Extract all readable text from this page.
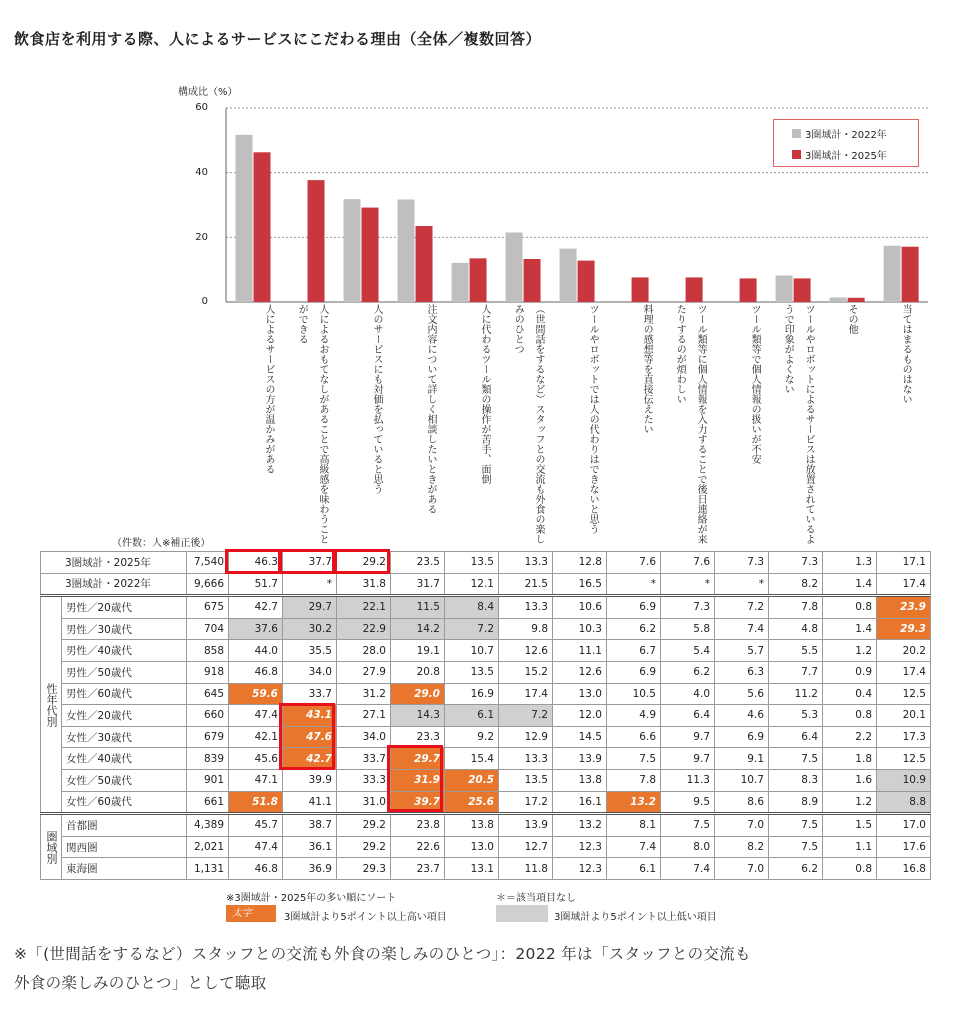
飲食店を利用する際、人によるサービスにこだわる理由（全体／複数回答）
構成比（%）
60
40
20
0
3圏域計・2022年
3圏域計・2025年
人によるサービスの方が温かみがある	人によるおもてなしがあることで高級感を味わうことができる	人のサービスにも対価を払っていると思う	注文内容について詳しく相談したいときがある	人に代わるツール類の操作が苦手、面倒	（世間話をするなど）スタッフとの交流も外食の楽しみのひとつ	ツールやロボットでは人の代わりはできないと思う	料理の感想等を直接伝えたい	ツール類等に個人情報を入力することで後日連絡が来たりするのが煩わしい	ツール類等で個人情報の扱いが不安	ツールやロボットによるサービスは放置されているようで印象がよくない	その他	当てはまるものはない
（件数：人※補正後）
3圏域計・2025年		7,540	46.3	37.7	29.2	23.5	13.5	13.3	12.8	7.6	7.6	7.3	7.3	1.3	17.1
3圏域計・2022年		9,666	51.7	*	31.8	31.7	12.1	21.5	16.5	*	*	*	8.2	1.4	17.4
性年代別	男性／20歳代	675	42.7	29.7	22.1	11.5	8.4	13.3	10.6	6.9	7.3	7.2	7.8	0.8	23.9
	男性／30歳代	704	37.6	30.2	22.9	14.2	7.2	9.8	10.3	6.2	5.8	7.4	4.8	1.4	29.3
	男性／40歳代	858	44.0	35.5	28.0	19.1	10.7	12.6	11.1	6.7	5.4	5.7	5.5	1.2	20.2
	男性／50歳代	918	46.8	34.0	27.9	20.8	13.5	15.2	12.6	6.9	6.2	6.3	7.7	0.9	17.4
	男性／60歳代	645	59.6	33.7	31.2	29.0	16.9	17.4	13.0	10.5	4.0	5.6	11.2	0.4	12.5
	女性／20歳代	660	47.4	43.1	27.1	14.3	6.1	7.2	12.0	4.9	6.4	4.6	5.3	0.8	20.1
	女性／30歳代	679	42.1	47.6	34.0	23.3	9.2	12.9	14.5	6.6	9.7	6.9	6.4	2.2	17.3
	女性／40歳代	839	45.6	42.7	33.7	29.7	15.4	13.3	13.9	7.5	9.7	9.1	7.5	1.8	12.5
	女性／50歳代	901	47.1	39.9	33.3	31.9	20.5	13.5	13.8	7.8	11.3	10.7	8.3	1.6	10.9
	女性／60歳代	661	51.8	41.1	31.0	39.7	25.6	17.2	16.1	13.2	9.5	8.6	8.9	1.2	8.8
圏域別	首都圏	4,389	45.7	38.7	29.2	23.8	13.8	13.9	13.2	8.1	7.5	7.0	7.5	1.5	17.0
	関西圏	2,021	47.4	36.1	29.2	22.6	13.0	12.7	12.3	7.4	8.0	8.2	7.5	1.1	17.6
	東海圏	1,131	46.8	36.9	29.3	23.7	13.1	11.8	12.3	6.1	7.4	7.0	6.2	0.8	16.8
※3圏域計・2025年の多い順にソート	＊＝該当項目なし
太字	3圏域計より5ポイント以上高い項目	3圏域計より5ポイント以上低い項目
※「(世間話をするなど）スタッフとの交流も外食の楽しみのひとつ」：2022 年は「スタッフとの交流も
外食の楽しみのひとつ」として聴取
